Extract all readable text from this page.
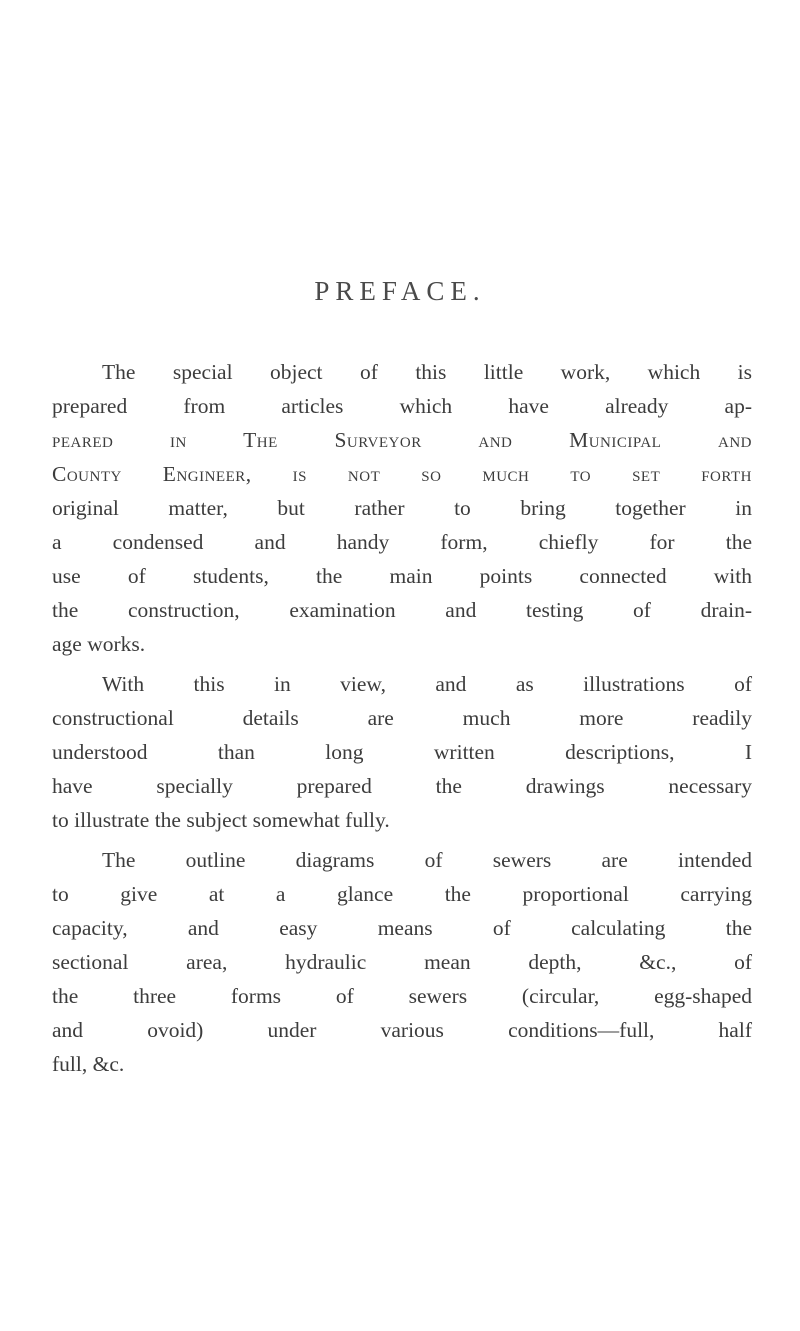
PREFACE.
The special object of this little work, which is
prepared from articles which have already ap-
peared in The Surveyor and Municipal and
County Engineer, is not so much to set forth
original matter, but rather to bring together in
a condensed and handy form, chiefly for the
use of students, the main points connected with
the construction, examination and testing of drain-
age works.
With this in view, and as illustrations of
constructional details are much more readily
understood than long written descriptions, I
have specially prepared the drawings necessary
to illustrate the subject somewhat fully.
The outline diagrams of sewers are intended
to give at a glance the proportional carrying
capacity, and easy means of calculating the
sectional area, hydraulic mean depth, &c., of
the three forms of sewers (circular, egg-shaped
and ovoid) under various conditions—full, half
full, &c.
